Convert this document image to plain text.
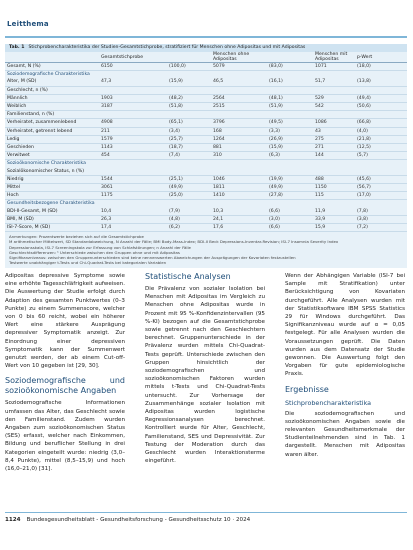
Leitthema
Tab. 1 Stichprobencharakteristika der Studien-Gesamtstichprobe, stratifiziert für Menschen ohne Adipositas und mit Adipositas
	Gesamtstichprobe		Menschen ohne Adipositas		Menschen mit Adipositas	p-Wert	
Gesamt, N (%)	6150	(100,0)	5079	(83,0)	1071	(18,0)	
Soziodemografische Charakteristika							
Alter, M (SD)	47,3	(15,9)	46,5	(16,1)	51,7	(13,8)	
Geschlecht, n (%)							
Männlich	1903	(48,2)	2564	(48,1)	529	(49,4)	
Weiblich	3187	(51,8)	2515	(51,9)	542	(50,6)	
Familienstand, n (%)							
Verheiratet, zusammenlebend	4908	(65,1)	3796	(49,5)	1086	(66,8)	
Verheiratet, getrennt lebend	211	(3,4)	168	(3,3)	43	(4,0)	
Ledig	1579	(25,7)	1264	(26,9)	275	(21,8)	
Geschieden	1143	(18,7)	881	(15,9)	271	(12,5)	
Verwitwet	454	(7,4)	310	(6,3)	144	(5,7)	
Sozioökonomische Charakteristika							
Sozialökonomischer Status, n (%)							
Niedrig	1544	(25,1)	1046	(19,9)	488	(45,6)	
Mittel	3061	(49,9)	1811	(49,9)	1150	(56,7)	
Hoch	1175	(25,0)	1410	(27,8)	115	(17,0)	
Gesundheitsbezogene Charakteristika							
BDI-II-Gesamt, M (SD)	10,4	(7,9)	10,3	(6,6)	11,9	(7,8)	
BMI, M (SD)	26,3	(4,8)	24,1	(3,0)	33,9	(3,8)	
ISI-7-Score, M (SD)	17,4	(6,2)	17,6	(6,6)	15,9	(7,2)	
Anmerkungen: Prozentwerte beziehen sich auf die Gesamtstichprobe
M arithmetischer Mittelwert, SD Standardabweichung, N Anzahl der Fälle; BMI Body-Mass-Index; BDI-II Beck Depressions-Inventar-Revision; ISI-7 Insomnia Severity Index
Depressionsskala, ISI-7 Screeningskala zur Erfassung von Schlafstörungen; n Anzahl der Fälle
Geschlechtsdifferenzen: ¹ Unterschiede zwischen den Gruppen ohne und mit Adipositas
Signifikanzniveaus: zwischen den Gruppenunterschieden sind keine nennenswerten Abweichungen der Ausprägungen der Kovariaten festzustellen
Testwerte unabhängiger t-Tests und Chi-Quadrat-Tests bei kategorialen Variablen

Adipositas depressive Symptome sowie eine erhöhte Tagesschläfrigkeit aufweisen. Die Auswertung der Studie erfolgt durch Adaption des gesamten Punktwertes (0–3 Punkte) zu einem Summenscore, welcher von 0 bis 60 reicht, wobei ein höherer Wert eine stärkere Ausprägung depressiver Symptomatik anzeigt. Zur Einordnung einer depressiven Symptomatik kann der Summenwert genutzt werden, der ab einem Cut-off-Wert von 10 gegeben ist [29, 30].

Soziodemografische und sozioökonomische Angaben

Soziodemografische Informationen umfassen das Alter, das Geschlecht sowie den Familienstand. Zudem wurden Angaben zum sozioökonomischen Status (SES) erfasst, welcher nach Einkommen, Bildung und beruflicher Stellung in drei Kategorien eingeteilt wurde: niedrig (3,0–8,4 Punkte), mittel (8,5–15,9) und hoch (16,0–21,0) [31].

Statistische Analysen

Die Prävalenz von sozialer Isolation bei Menschen mit Adipositas im Vergleich zu Menschen ohne Adipositas wurde in Prozent mit 95 %-Konfidenzintervallen (95 %-KI) bezogen auf die Gesamtstichprobe sowie getrennt nach den Geschlechtern berechnet. Gruppenunterschiede in der Prävalenz wurden mittels Chi-Quadrat-Tests geprüft. Unterschiede zwischen den Gruppen hinsichtlich der soziodemografischen und sozioökonomischen Faktoren wurden mittels t-Tests und Chi-Quadrat-Tests untersucht. Zur Vorhersage der Zusammenhänge sozialer Isolation mit Adipositas wurden logistische Regressionsanalysen berechnet. Kontrolliert wurde für Alter, Geschlecht, Familienstand, SES und Depressivität. Zur Testung der Moderation durch das Geschlecht wurden Interaktionsterme eingeführt.

Wenn der Abhängigen Variable (ISI-7 bei Sample mit Stratifikation) unter Berücksichtigung von Kovariaten durchgeführt. Alle Analysen wurden mit der Statistiksoftware IBM SPSS Statistics 29 für Windows durchgeführt. Das Signifikanzniveau wurde auf α = 0,05 festgelegt. Für alle Analysen wurden die Voraussetzungen geprüft. Die Daten wurden aus dem Datensatz der Studie gewonnen. Die Auswertung folgt den Vorgaben für gute epidemiologische Praxis.

Ergebnisse
Stichprobencharakteristika

Die soziodemografischen und sozioökonomischen Angaben sowie die relevanten Gesundheitsmerkmale der Studienteilnehmenden sind in Tab. 1 dargestellt. Menschen mit Adipositas waren älter.

1124 Bundesgesundheitsblatt - Gesundheitsforschung - Gesundheitsschutz 10 · 2024
